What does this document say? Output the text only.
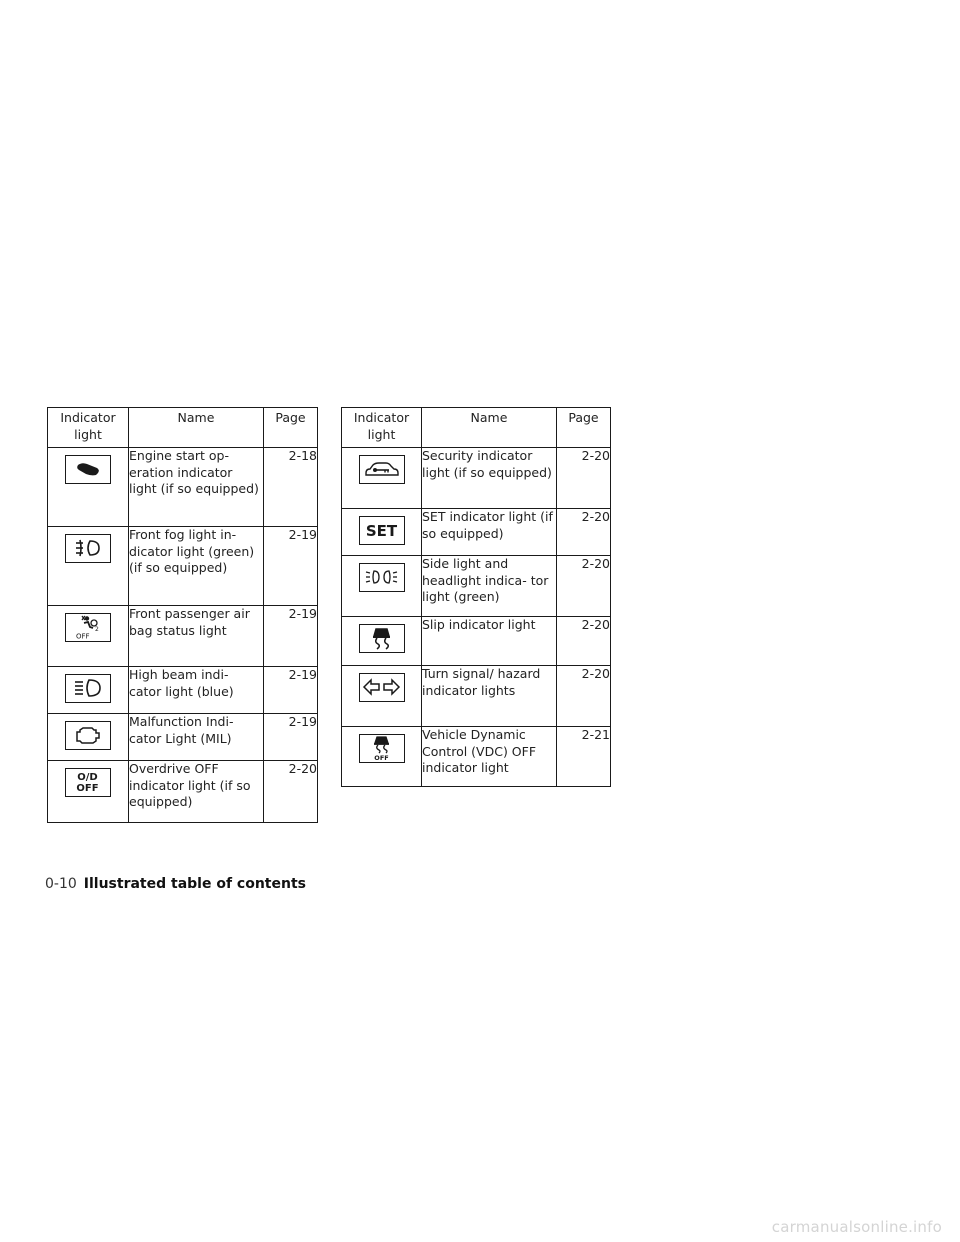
Indicator light	Name	Page

	Engine start op- eration indicator light (if so equipped)	2-18

	Front fog light in- dicator light (green) (if so equipped)	2-19

2
OFF	Front passenger air bag status light	2-19

	High beam indi- cator light (blue)	2-19

	Malfunction Indi- cator Light (MIL)	2-19

O/D
OFF	Overdrive OFF indicator light (if so equipped)	2-20
Indicator light	Name	Page

	Security indicator light (if so equipped)	2-20

SET	SET indicator light (if so equipped)	2-20

	Side light and headlight indica- tor light (green)	2-20

	Slip indicator light	2-20

	Turn signal/ hazard indicator lights	2-20

OFF	Vehicle Dynamic Control (VDC) OFF indicator light	2-21
0-10 Illustrated table of contents
carmanualsonline.info
